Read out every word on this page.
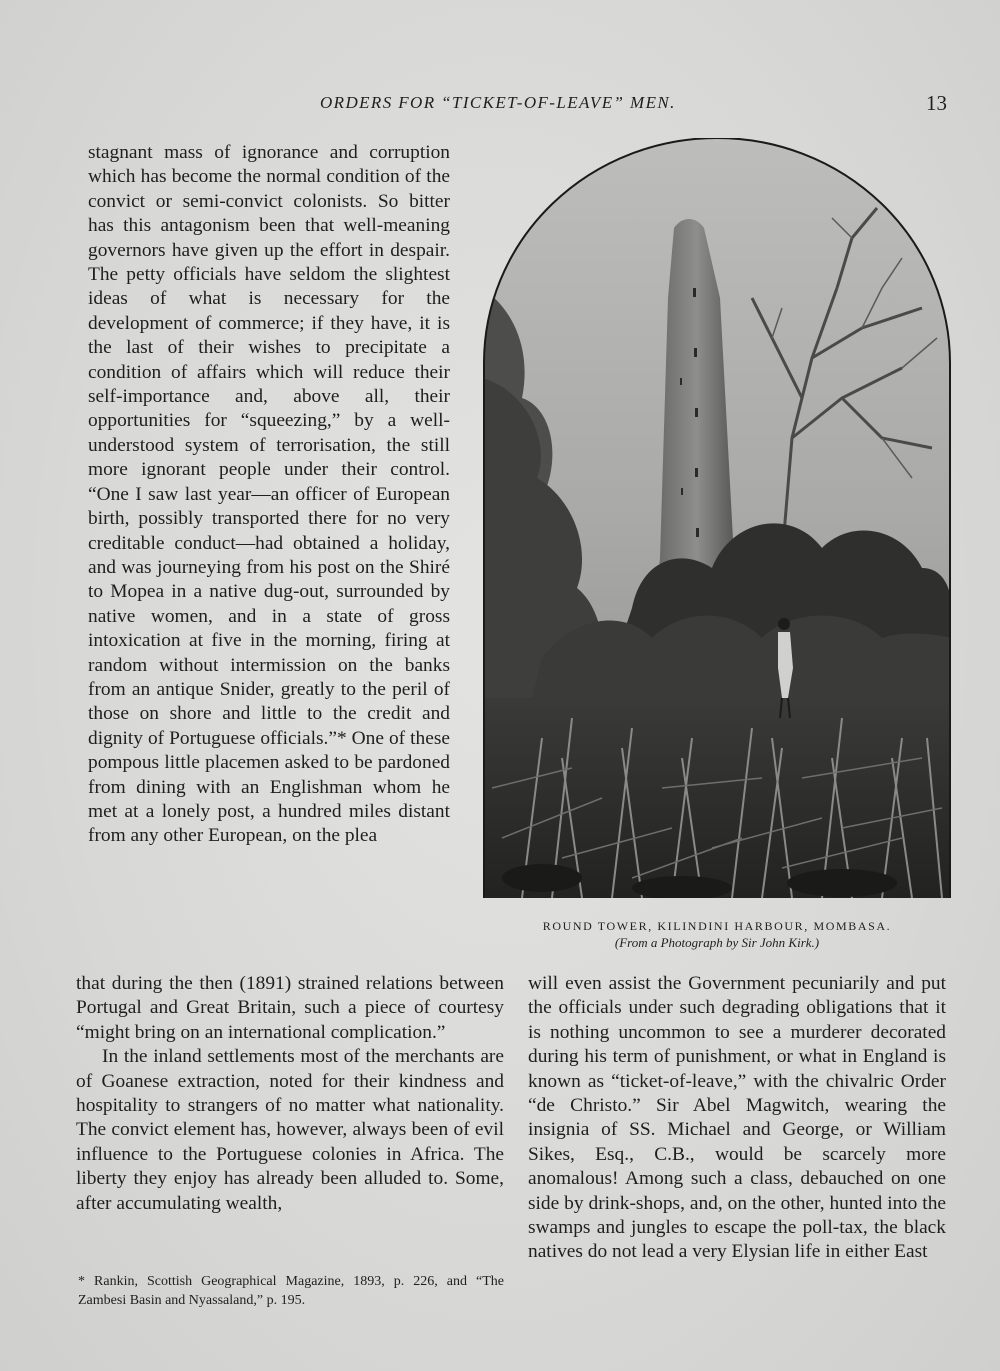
ORDERS FOR “TICKET-OF-LEAVE” MEN.	13

stagnant mass of ignorance and corruption which has become the normal condition of the convict or semi-convict colonists. So bitter has this antagonism been that well-meaning governors have given up the effort in despair. The petty officials have seldom the slightest ideas of what is necessary for the development of commerce; if they have, it is the last of their wishes to precipitate a condition of affairs which will reduce their self-importance and, above all, their opportunities for “squeezing,” by a well-understood system of terrorisation, the still more ignorant people under their control. “One I saw last year—an officer of European birth, possibly transported there for no very creditable conduct—had obtained a holiday, and was journeying from his post on the Shiré to Mopea in a native dug-out, surrounded by native women, and in a state of gross intoxication at five in the morning, firing at random without intermission on the banks from an antique Snider, greatly to the peril of those on shore and little to the credit and dignity of Portuguese officials.”* One of these pompous little placemen asked to be pardoned from dining with an Englishman whom he met at a lonely post, a hundred miles distant from any other European, on the plea

that during the then (1891) strained relations between Portugal and Great Britain, such a piece of courtesy “might bring on an international complication.”

In the inland settlements most of the merchants are of Goanese extraction, noted for their kindness and hospitality to strangers of no matter what nationality. The convict element has, however, always been of evil influence to the Portuguese colonies in Africa. The liberty they enjoy has already been alluded to. Some, after accumulating wealth,

will even assist the Government pecuniarily and put the officials under such degrading obligations that it is nothing uncommon to see a murderer decorated during his term of punishment, or what in England is known as “ticket-of-leave,” with the chivalric Order “de Christo.” Sir Abel Magwitch, wearing the insignia of SS. Michael and George, or William Sikes, Esq., C.B., would be scarcely more anomalous! Among such a class, debauched on one side by drink-shops, and, on the other, hunted into the swamps and jungles to escape the poll-tax, the black natives do not lead a very Elysian life in either East

ROUND TOWER, KILINDINI HARBOUR, MOMBASA.
(From a Photograph by Sir John Kirk.)

* Rankin, Scottish Geographical Magazine, 1893, p. 226, and “The Zambesi Basin and Nyassaland,” p. 195.
